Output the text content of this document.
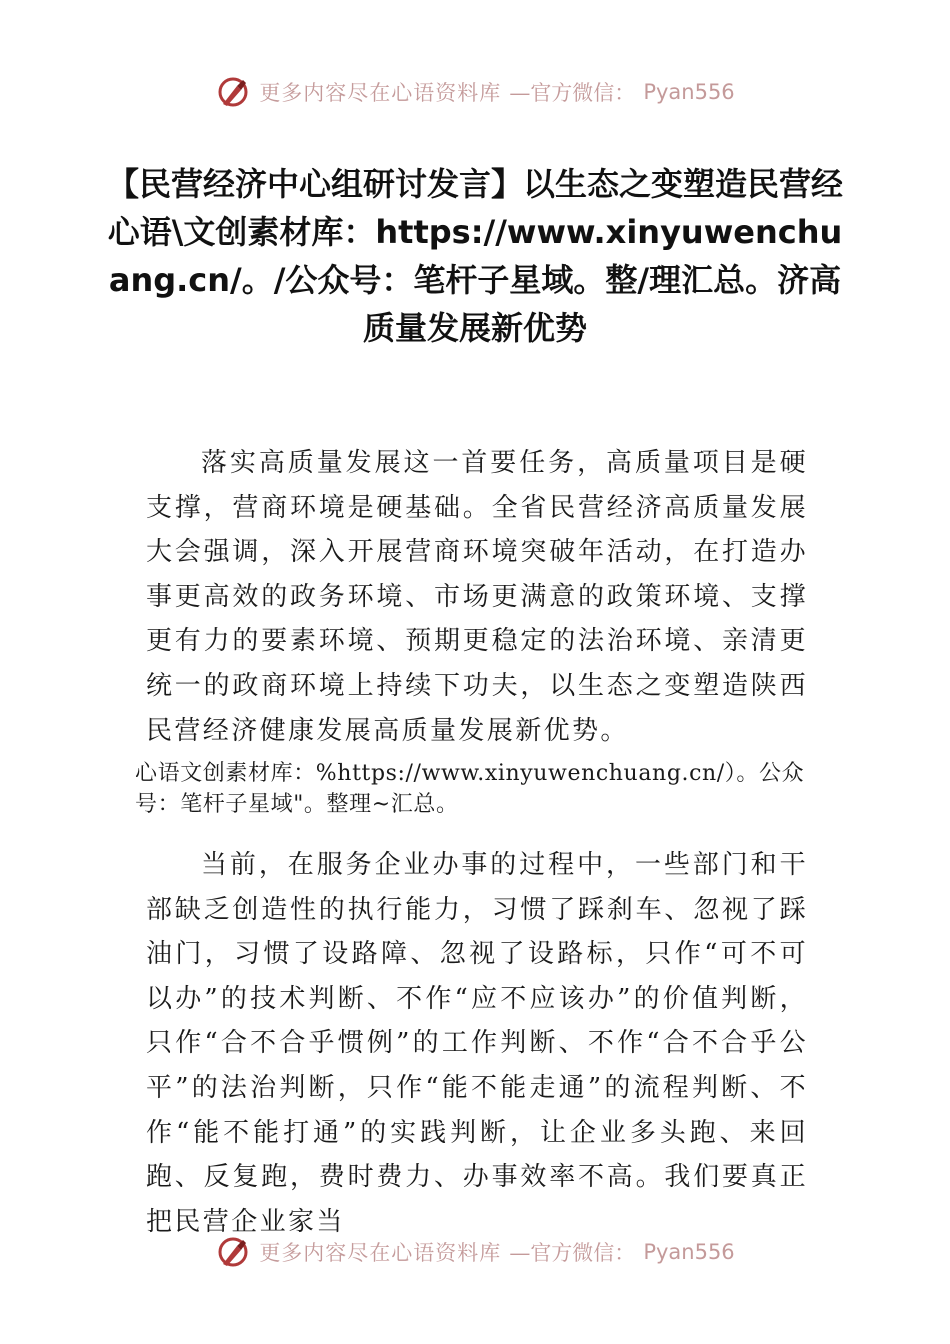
更多内容尽在心语资料库 —官方微信： Pyan556
【民营经济中心组研讨发言】以生态之变塑造民营经心语\文创素材库：https://www.xinyuwenchuang.cn/。/公众号：笔杆子星域。整/理汇总。济高质量发展新优势

落实高质量发展这一首要任务，高质量项目是硬支撑，营商环境是硬基础。全省民营经济高质量发展大会强调，深入开展营商环境突破年活动，在打造办事更高效的政务环境、市场更满意的政策环境、支撑更有力的要素环境、预期更稳定的法治环境、亲清更统一的政商环境上持续下功夫，以生态之变塑造陕西民营经济健康发展高质量发展新优势。

心语文创素材库：%https://www.xinyuwenchuang.cn/）。公众号：笔杆子星域"。整理~汇总。

当前，在服务企业办事的过程中，一些部门和干部缺乏创造性的执行能力，习惯了踩刹车、忽视了踩油门，习惯了设路障、忽视了设路标，只作“可不可以办”的技术判断、不作“应不应该办”的价值判断，只作“合不合乎惯例”的工作判断、不作“合不合乎公平”的法治判断，只作“能不能走通”的流程判断、不作“能不能打通”的实践判断，让企业多头跑、来回跑、反复跑，费时费力、办事效率不高。我们要真正把民营企业家当

更多内容尽在心语资料库 —官方微信： Pyan556
